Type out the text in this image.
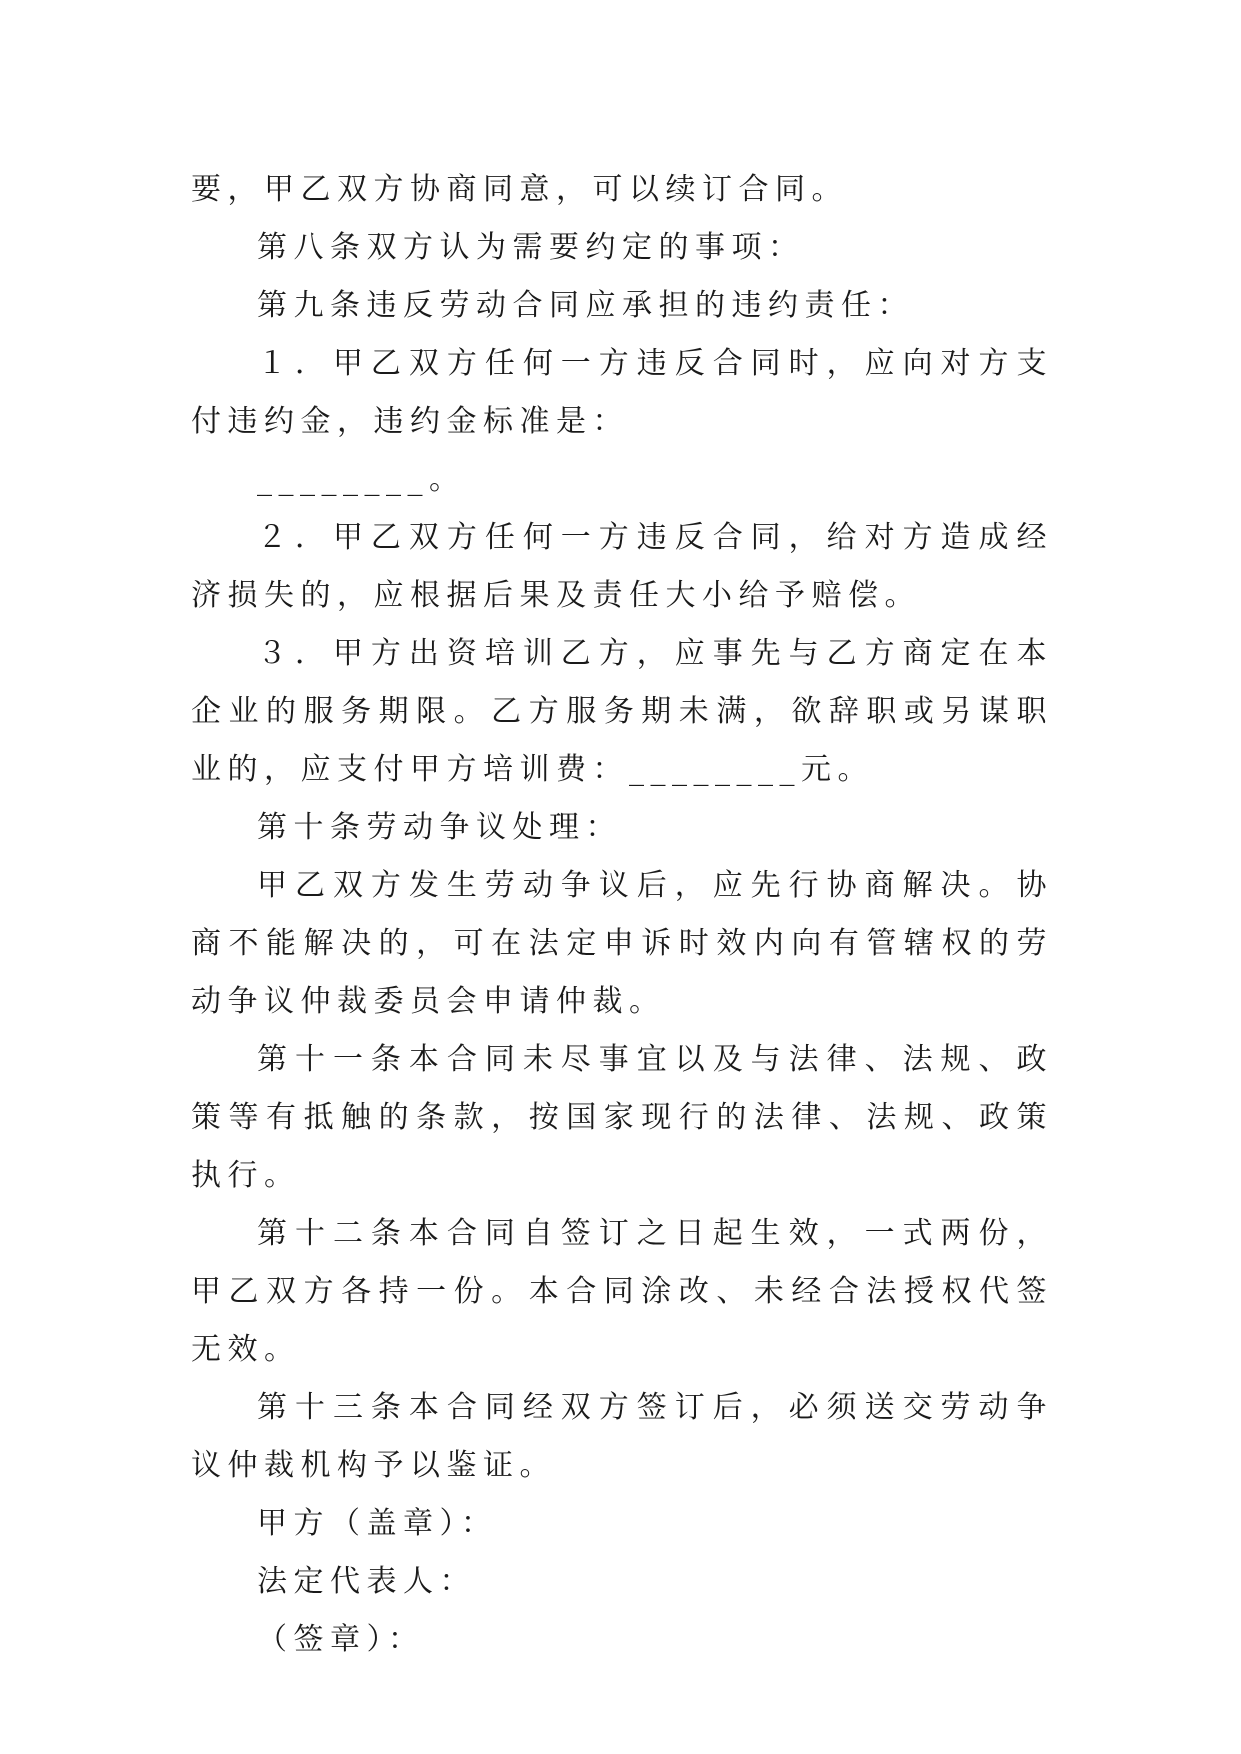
要，甲乙双方协商同意，可以续订合同。

第八条双方认为需要约定的事项：

第九条违反劳动合同应承担的违约责任：

１．甲乙双方任何一方违反合同时，应向对方支付违约金，违约金标准是：

________。

２．甲乙双方任何一方违反合同，给对方造成经济损失的，应根据后果及责任大小给予赔偿。

３．甲方出资培训乙方，应事先与乙方商定在本企业的服务期限。乙方服务期未满，欲辞职或另谋职业的，应支付甲方培训费：________元。

第十条劳动争议处理：

甲乙双方发生劳动争议后，应先行协商解决。协商不能解决的，可在法定申诉时效内向有管辖权的劳动争议仲裁委员会申请仲裁。

第十一条本合同未尽事宜以及与法律、法规、政策等有抵触的条款，按国家现行的法律、法规、政策执行。

第十二条本合同自签订之日起生效，一式两份，甲乙双方各持一份。本合同涂改、未经合法授权代签无效。

第十三条本合同经双方签订后，必须送交劳动争议仲裁机构予以鉴证。

甲方（盖章）：

法定代表人：

（签章）：
